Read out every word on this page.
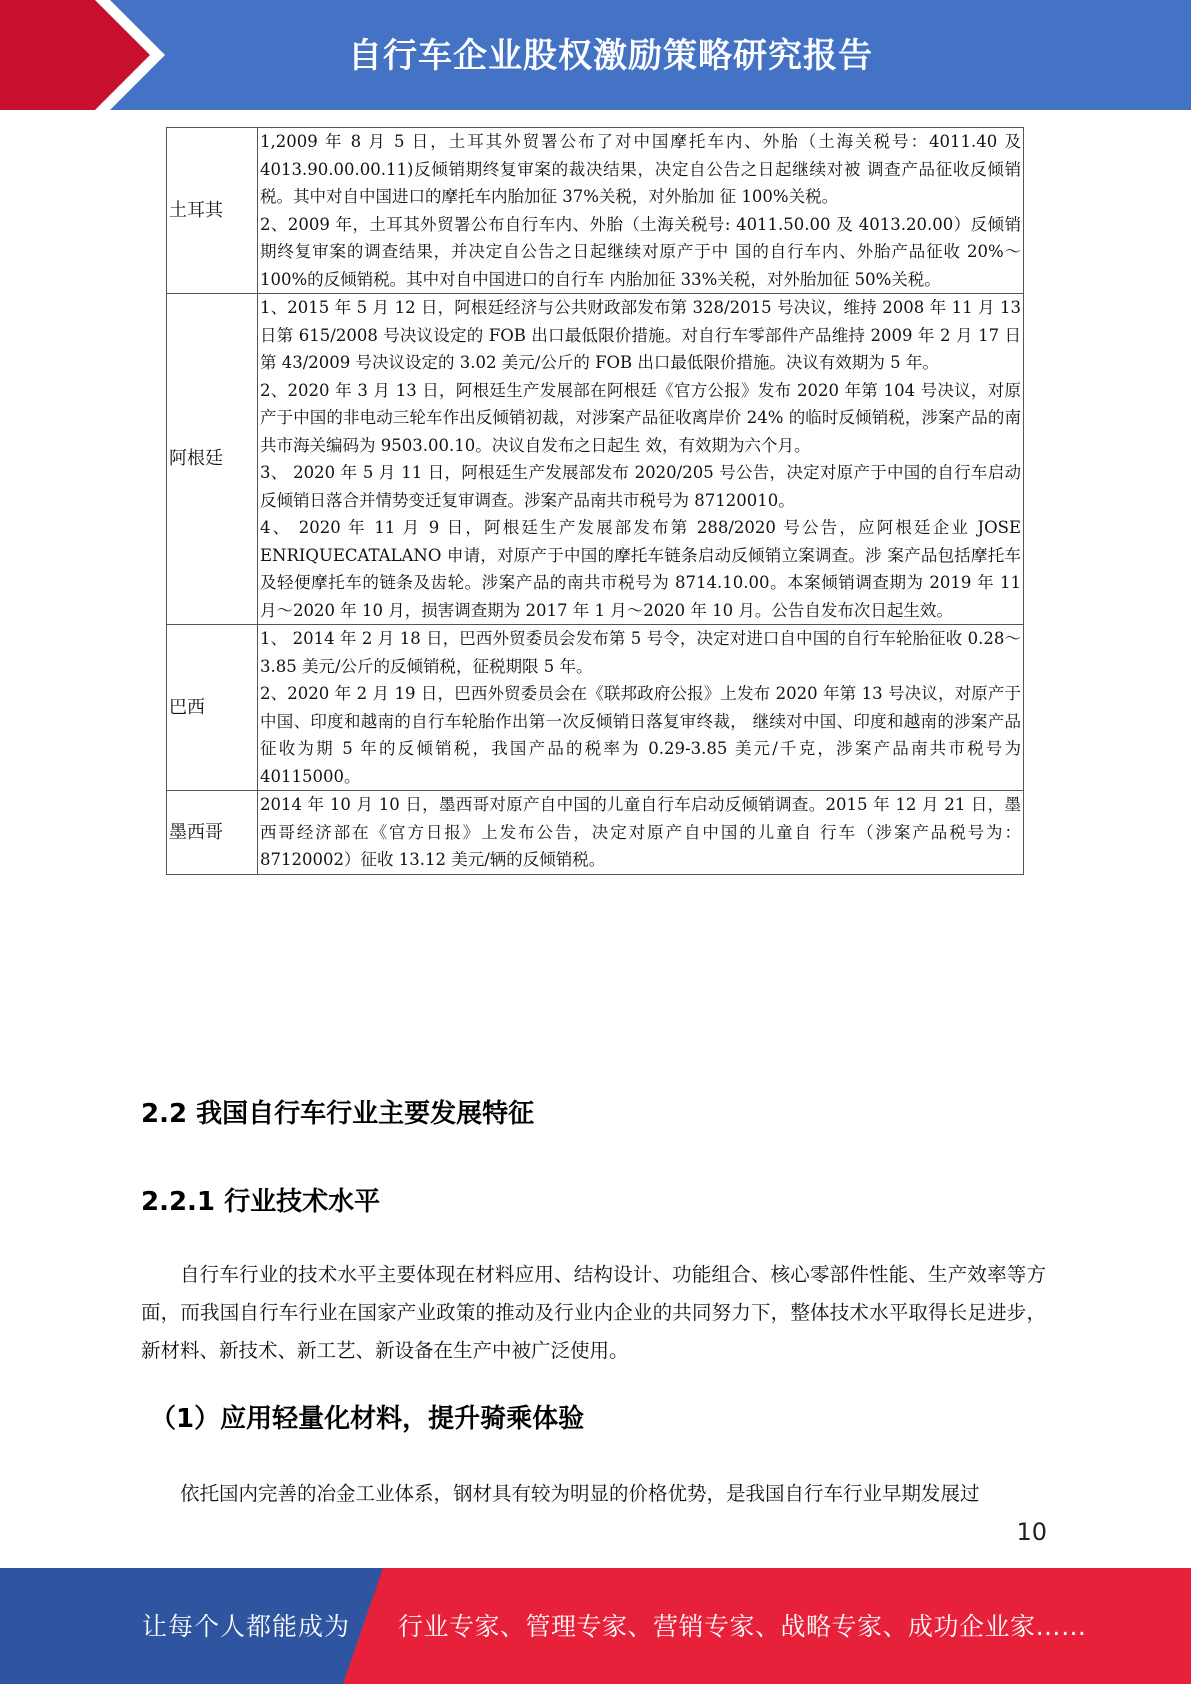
自行车企业股权激励策略研究报告
土耳其	1,2009 年 8 月 5 日，土耳其外贸署公布了对中国摩托车内、外胎（土海关税号：4011.40 及 4013.90.00.00.11)反倾销期终复审案的裁决结果，决定自公告之日起继续对被 调查产品征收反倾销税。其中对自中国进口的摩托车内胎加征 37%关税，对外胎加 征 100%关税。

2、2009 年，土耳其外贸署公布自行车内、外胎（土海关税号: 4011.50.00 及 4013.20.00）反倾销期终复审案的调查结果，并决定自公告之日起继续对原产于中 国的自行车内、外胎产品征收 20%～100%的反倾销税。其中对自中国进口的自行车 内胎加征 33%关税，对外胎加征 50%关税。

阿根廷	1、2015 年 5 月 12 日，阿根廷经济与公共财政部发布第 328/2015 号决议，维持 2008 年 11 月 13 日第 615/2008 号决议设定的 FOB 出口最低限价措施。对自行车零部件产品维持 2009 年 2 月 17 日第 43/2009 号决议设定的 3.02 美元/公斤的 FOB 出口最低限价措施。决议有效期为 5 年。

2、2020 年 3 月 13 日，阿根廷生产发展部在阿根廷《官方公报》发布 2020 年第 104 号决议，对原产于中国的非电动三轮车作出反倾销初裁，对涉案产品征收离岸价 24% 的临时反倾销税，涉案产品的南共市海关编码为 9503.00.10。决议自发布之日起生 效，有效期为六个月。

3、 2020 年 5 月 11 日，阿根廷生产发展部发布 2020/205 号公告，决定对原产于中国的自行车启动反倾销日落合并情势变迁复审调查。涉案产品南共市税号为 87120010。

4、 2020 年 11 月 9 日，阿根廷生产发展部发布第 288/2020 号公告，应阿根廷企业 JOSE ENRIQUECATALANO 申请，对原产于中国的摩托车链条启动反倾销立案调查。涉 案产品包括摩托车及轻便摩托车的链条及齿轮。涉案产品的南共市税号为 8714.10.00。本案倾销调查期为 2019 年 11 月～2020 年 10 月，损害调查期为 2017 年 1 月～2020 年 10 月。公告自发布次日起生效。

巴西	1、 2014 年 2 月 18 日，巴西外贸委员会发布第 5 号令，决定对进口自中国的自行车轮胎征收 0.28～3.85 美元/公斤的反倾销税，征税期限 5 年。

2、2020 年 2 月 19 日，巴西外贸委员会在《联邦政府公报》上发布 2020 年第 13 号决议，对原产于中国、印度和越南的自行车轮胎作出第一次反倾销日落复审终裁， 继续对中国、印度和越南的涉案产品征收为期 5 年的反倾销税，我国产品的税率为 0.29-3.85 美元/千克，涉案产品南共市税号为 40115000。

墨西哥	2014 年 10 月 10 日，墨西哥对原产自中国的儿童自行车启动反倾销调查。2015 年 12 月 21 日，墨西哥经济部在《官方日报》上发布公告，决定对原产自中国的儿童自 行车（涉案产品税号为：87120002）征收 13.12 美元/辆的反倾销税。

2.2 我国自行车行业主要发展特征
2.2.1 行业技术水平
自行车行业的技术水平主要体现在材料应用、结构设计、功能组合、核心零部件性能、生产效率等方面，而我国自行车行业在国家产业政策的推动及行业内企业的共同努力下，整体技术水平取得长足进步，新材料、新技术、新工艺、新设备在生产中被广泛使用。
（1）应用轻量化材料，提升骑乘体验
依托国内完善的冶金工业体系，钢材具有较为明显的价格优势，是我国自行车行业早期发展过
10
让每个人都能成为 行业专家、管理专家、营销专家、战略专家、成功企业家……
